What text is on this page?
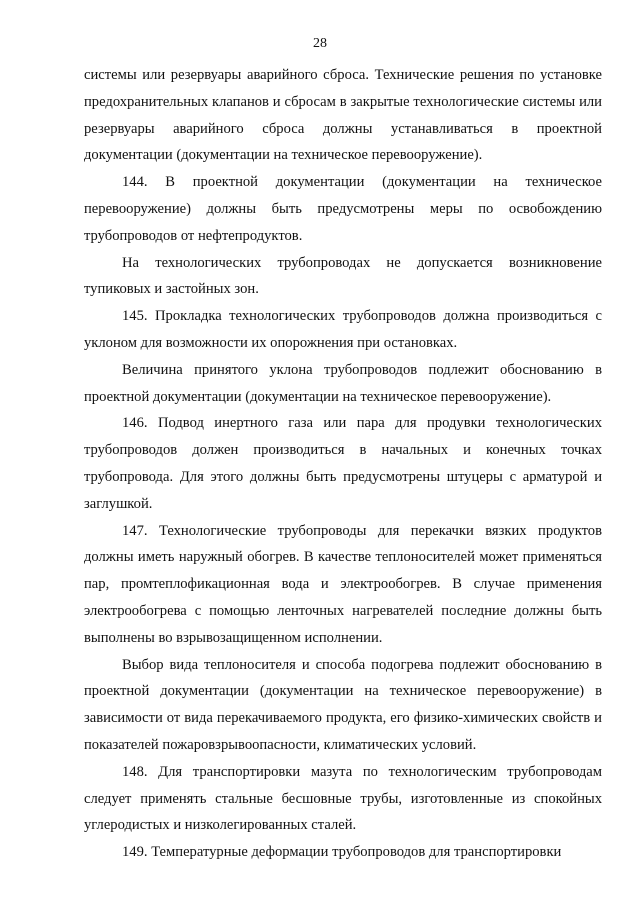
28

системы или резервуары аварийного сброса. Технические решения по установке предохранительных клапанов и сбросам в закрытые технологические системы или резервуары аварийного сброса должны устанавливаться в проектной документации (документации на техническое перевооружение).

144. В проектной документации (документации на техническое перевооружение) должны быть предусмотрены меры по освобождению трубопроводов от нефтепродуктов.

На технологических трубопроводах не допускается возникновение тупиковых и застойных зон.

145. Прокладка технологических трубопроводов должна производиться с уклоном для возможности их опорожнения при остановках.

Величина принятого уклона трубопроводов подлежит обоснованию в проектной документации (документации на техническое перевооружение).

146. Подвод инертного газа или пара для продувки технологических трубопроводов должен производиться в начальных и конечных точках трубопровода. Для этого должны быть предусмотрены штуцеры с арматурой и заглушкой.

147. Технологические трубопроводы для перекачки вязких продуктов должны иметь наружный обогрев. В качестве теплоносителей может применяться пар, промтеплофикационная вода и электрообогрев. В случае применения электрообогрева с помощью ленточных нагревателей последние должны быть выполнены во взрывозащищенном исполнении.

Выбор вида теплоносителя и способа подогрева подлежит обоснованию в проектной документации (документации на техническое перевооружение) в зависимости от вида перекачиваемого продукта, его физико-химических свойств и показателей пожаровзрывоопасности, климатических условий.

148. Для транспортировки мазута по технологическим трубопроводам следует применять стальные бесшовные трубы, изготовленные из спокойных углеродистых и низколегированных сталей.

149. Температурные деформации трубопроводов для транспортировки
